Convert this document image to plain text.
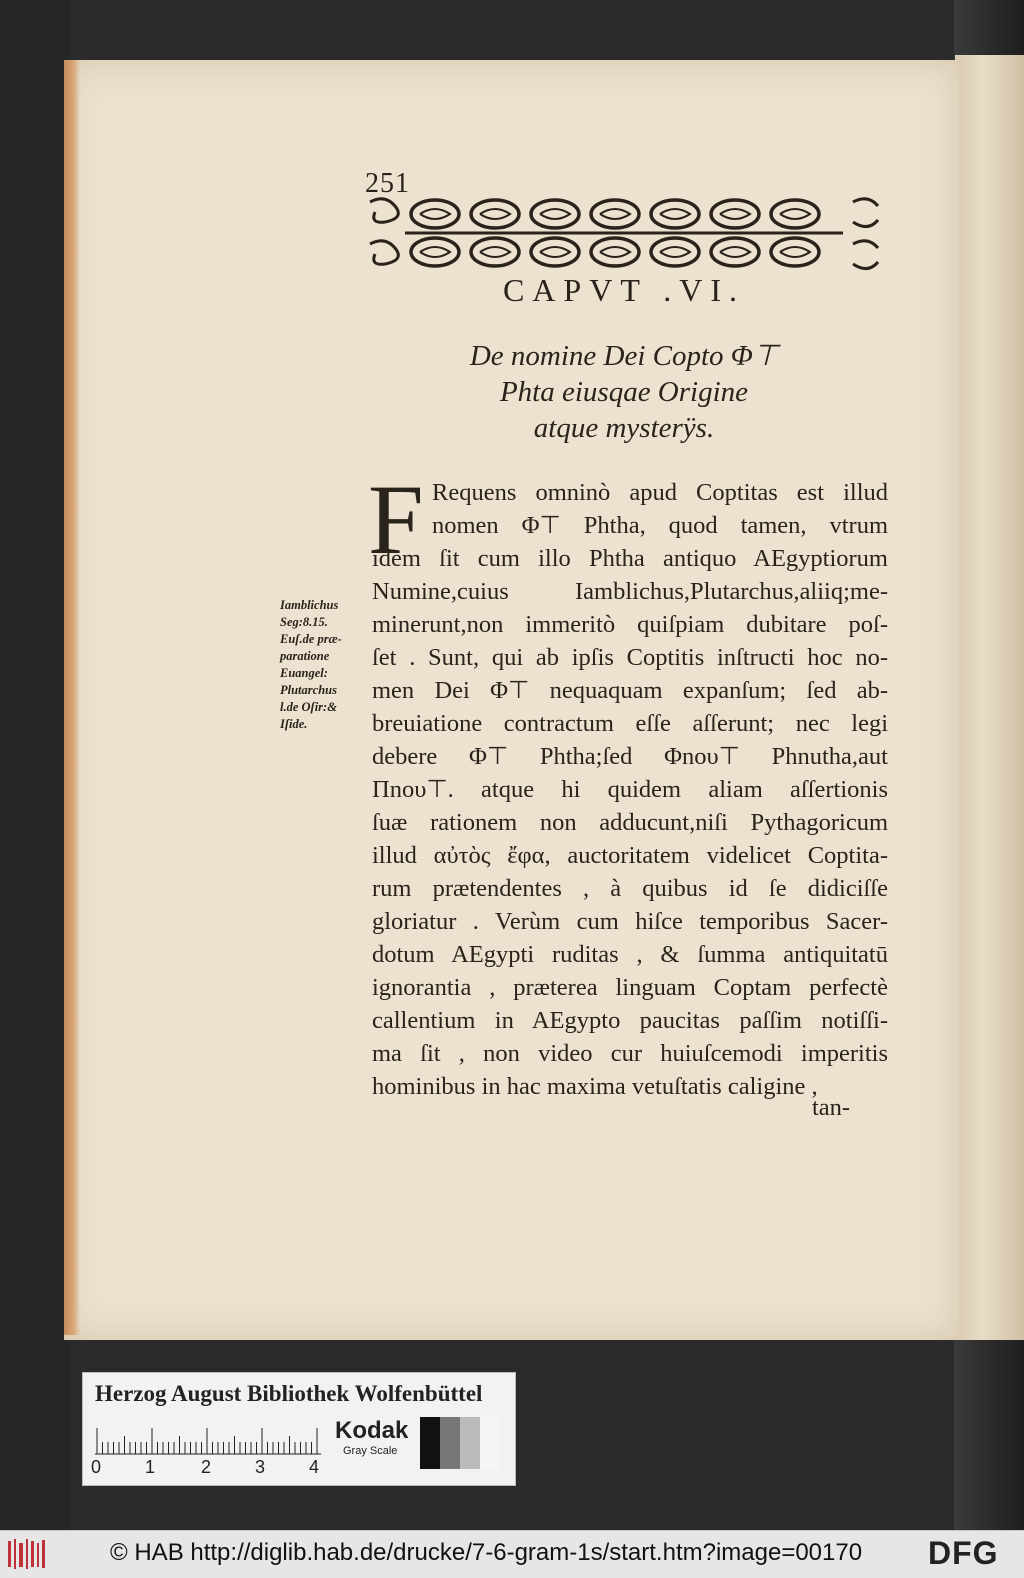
251
CAPVT .VI.
De nomine Dei Copto Φ⊤
Phta eiusqae Origine
atque mysterÿs.
Iamblichus
Seg:8.15.
Euſ.de præ-
paratione
Euangel:
Plutarchus
l.de Oſir:&
Iſide.
F Requens omninò apud Coptitas est illud
nomen Φ⊤ Phtha, quod tamen, vtrum
idem ſit cum illo Phtha antiquo AEgyptiorum
Numine,cuius Iamblichus,Plutarchus,aliiq;me-
minerunt,non immeritò quiſpiam dubitare poſ-
ſet . Sunt, qui ab ipſis Coptitis inſtructi hoc no-
men Dei Φ⊤ nequaquam expanſum; ſed ab-
breuiatione contractum eſſe aſſerunt; nec legi
debere Φ⊤ Phtha;ſed Φnoυ⊤ Phnutha,aut
Πnoυ⊤. atque hi quidem aliam aſſertionis
ſuæ rationem non adducunt,niſi Pythagoricum
illud αὐτὸς ἔφα, auctoritatem videlicet Coptita-
rum prætendentes , à quibus id ſe didiciſſe
gloriatur . Verùm cum hiſce temporibus Sacer-
dotum AEgypti ruditas , & ſumma antiquitatū
ignorantia , præterea linguam Coptam perfectè
callentium in AEgypto paucitas paſſim notiſſi-
ma ſit , non video cur huiuſcemodi imperitis
hominibus in hac maxima vetuſtatis caligine ,
tan-
Herzog August Bibliothek Wolfenbüttel
0 1	2 3 4
Kodak
Gray Scale
© HAB http://diglib.hab.de/drucke/7-6-gram-1s/start.htm?image=00170 DFG
